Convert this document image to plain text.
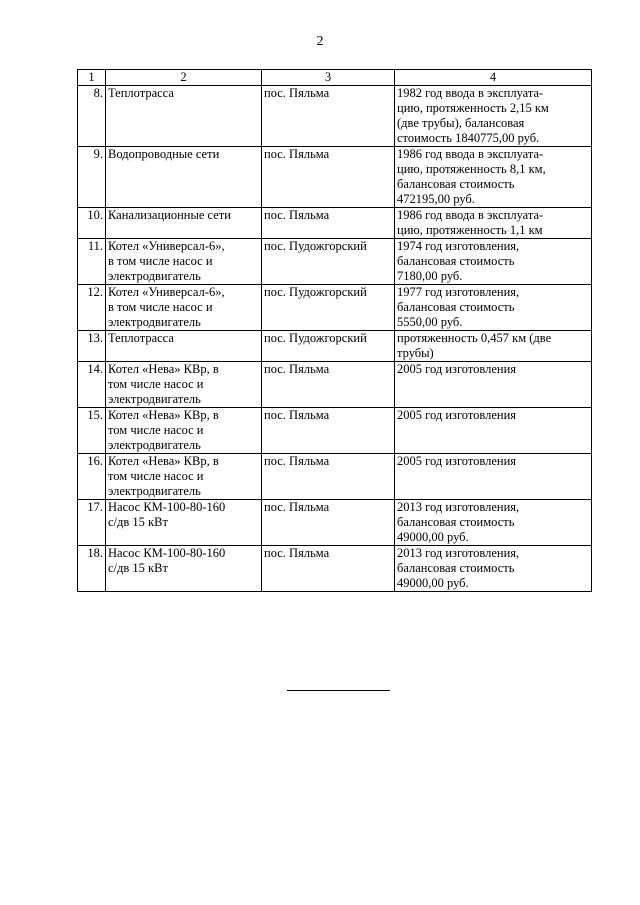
2
1	2	3	4
8.	Теплотрасса	пос. Пяльма	1982 год ввода в эксплуата-
цию, протяженность 2,15 км
(две трубы), балансовая
стоимость 1840775,00 руб.

9.	Водопроводные сети	пос. Пяльма	1986 год ввода в эксплуата-
цию, протяженность 8,1 км,
балансовая стоимость
472195,00 руб.

10.	Канализационные сети	пос. Пяльма	1986 год ввода в эксплуата-
цию, протяженность 1,1 км

11.	Котел «Универсал-6»,
в том числе насос и
электродвигатель	пос. Пудожгорский	1974 год изготовления,
балансовая стоимость
7180,00 руб.

12.	Котел «Универсал-6»,
в том числе насос и
электродвигатель	пос. Пудожгорский	1977 год изготовления,
балансовая стоимость
5550,00 руб.

13.	Теплотрасса	пос. Пудожгорский	протяженность 0,457 км (две
трубы)

14.	Котел «Нева» КВр, в
том числе насос и
электродвигатель	пос. Пяльма	2005 год изготовления

15.	Котел «Нева» КВр, в
том числе насос и
электродвигатель	пос. Пяльма	2005 год изготовления

16.	Котел «Нева» КВр, в
том числе насос и
электродвигатель	пос. Пяльма	2005 год изготовления

17.	Насос КМ-100-80-160
с/дв 15 кВт	пос. Пяльма	2013 год изготовления,
балансовая стоимость
49000,00 руб.

18.	Насос КМ-100-80-160
с/дв 15 кВт	пос. Пяльма	2013 год изготовления,
балансовая стоимость
49000,00 руб.
